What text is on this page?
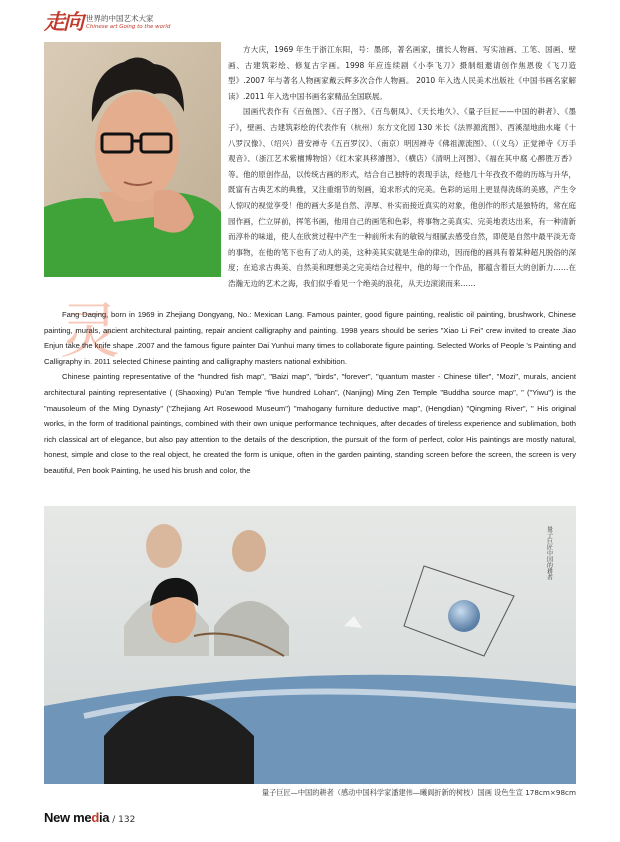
走向 世界的中国艺术大家
Chinese art Going to the world

方大庆，1969 年生于浙江东阳，号：墨郎，著名画家，擅长人物画、写实油画、工笔、国画、壁画、古建筑彩绘、修复古字画。1998 年应连续剧《小李飞刀》摄制组邀请创作焦恩俊《飞刀造型》.2007 年与著名人物画家戴云辉多次合作人物画。 2010 年入选人民美术出版社《中国书画名家解读》.2011 年入选中国书画名家精品全国联展。

国画代表作有《百鱼图》、《百子图》、《百鸟朝凤》、《天长地久》、《量子巨匠——中国的耕者》、《墨子》，壁画、古建筑彩绘的代表作有（杭州）东方文化园 130 米长《法界源流图》、西溪湿地曲水庵《十八罗汉像》、（绍兴）普安禅寺《五百罗汉》、（南京）明因禅寺《佛祖源流图》、（（义乌）正觉禅寺《万手观音》、（浙江艺术紫檀博物馆）《红木家具移濬图》、（横店）《清明上河图》、《福在其中腐 心醉胜万香》等。他的原创作品，以传统古画的形式，结合自己独特的表现手法，经他几十年孜孜不倦的历练与升华，既富有古典艺术的典雅，又注重细节的刻画，追求形式的完美。色彩的运用上更显得洗练的美感，产生令人惊叹的视觉享受！他的画大多是自然、淳厚、朴实而接近真实的对象，他创作的形式是独特的，常在庭园作画，伫立屏前，挥笔书画，他用自己的画笔和色彩，将事物之美真实、完美地表达出来，有一种清新而淳朴的味道，使人在欣赏过程中产生一种前所未有的敏锐与细腻去感受自然，即使是自然中最平淡无奇的事物，在他的笔下也有了动人的美，这种美其实就是生命的律动，因而他的画具有着某种超凡脱俗的深度；在追求古典美、自然美和理想美之完美结合过程中，他的每一个作品，都蕴含着巨大的创新力……在浩瀚无边的艺术之海，我们似乎看见一个绝美的浪花，从天边滚滚而来……

灵

Fang Daqing, born in 1969 in Zhejiang Dongyang, No.: Mexican Lang. Famous painter, good figure painting, realistic oil painting, brushwork, Chinese painting, murals, ancient architectural painting, repair ancient calligraphy and painting. 1998 years should be series "Xiao Li Fei" crew invited to create Jiao Enjun take the knife shape .2007 and the famous figure painter Dai Yunhui many times to collaborate figure painting. Selected Works of People 's Painting and Calligraphy in. 2011 selected Chinese painting and calligraphy masters national exhibition.

Chinese painting representative of the "hundred fish map", "Baizi map", "birds", "forever", "quantum master - Chinese tiller", "Mozi", murals, ancient architectural painting representative ( (Shaoxing) Pu'an Temple "five hundred Lohan", (Nanjing) Ming Zen Temple "Buddha source map", " ("Yiwu") is the "mausoleum of the Ming Dynasty" ("Zhejiang Art Rosewood Museum") "mahogany furniture deductive map", (Hengdian) "Qingming River", " His original works, in the form of traditional paintings, combined with their own unique performance techniques, after decades of tireless experience and sublimation, both rich classical art of elegance, but also pay attention to the details of the description, the pursuit of the form of perfect, color His paintings are mostly natural, honest, simple and close to the real object, he created the form is unique, often in the garden painting, standing screen before the screen, the screen is very beautiful, Pen book Painting, he used his brush and color, the

量子巨匠中国的耕者
量子巨匠—中国的耕者（感动中国科学家潘建伟—曦阆折新的树枝）国画 设色生宣 178cm×98cm
New media / 132
